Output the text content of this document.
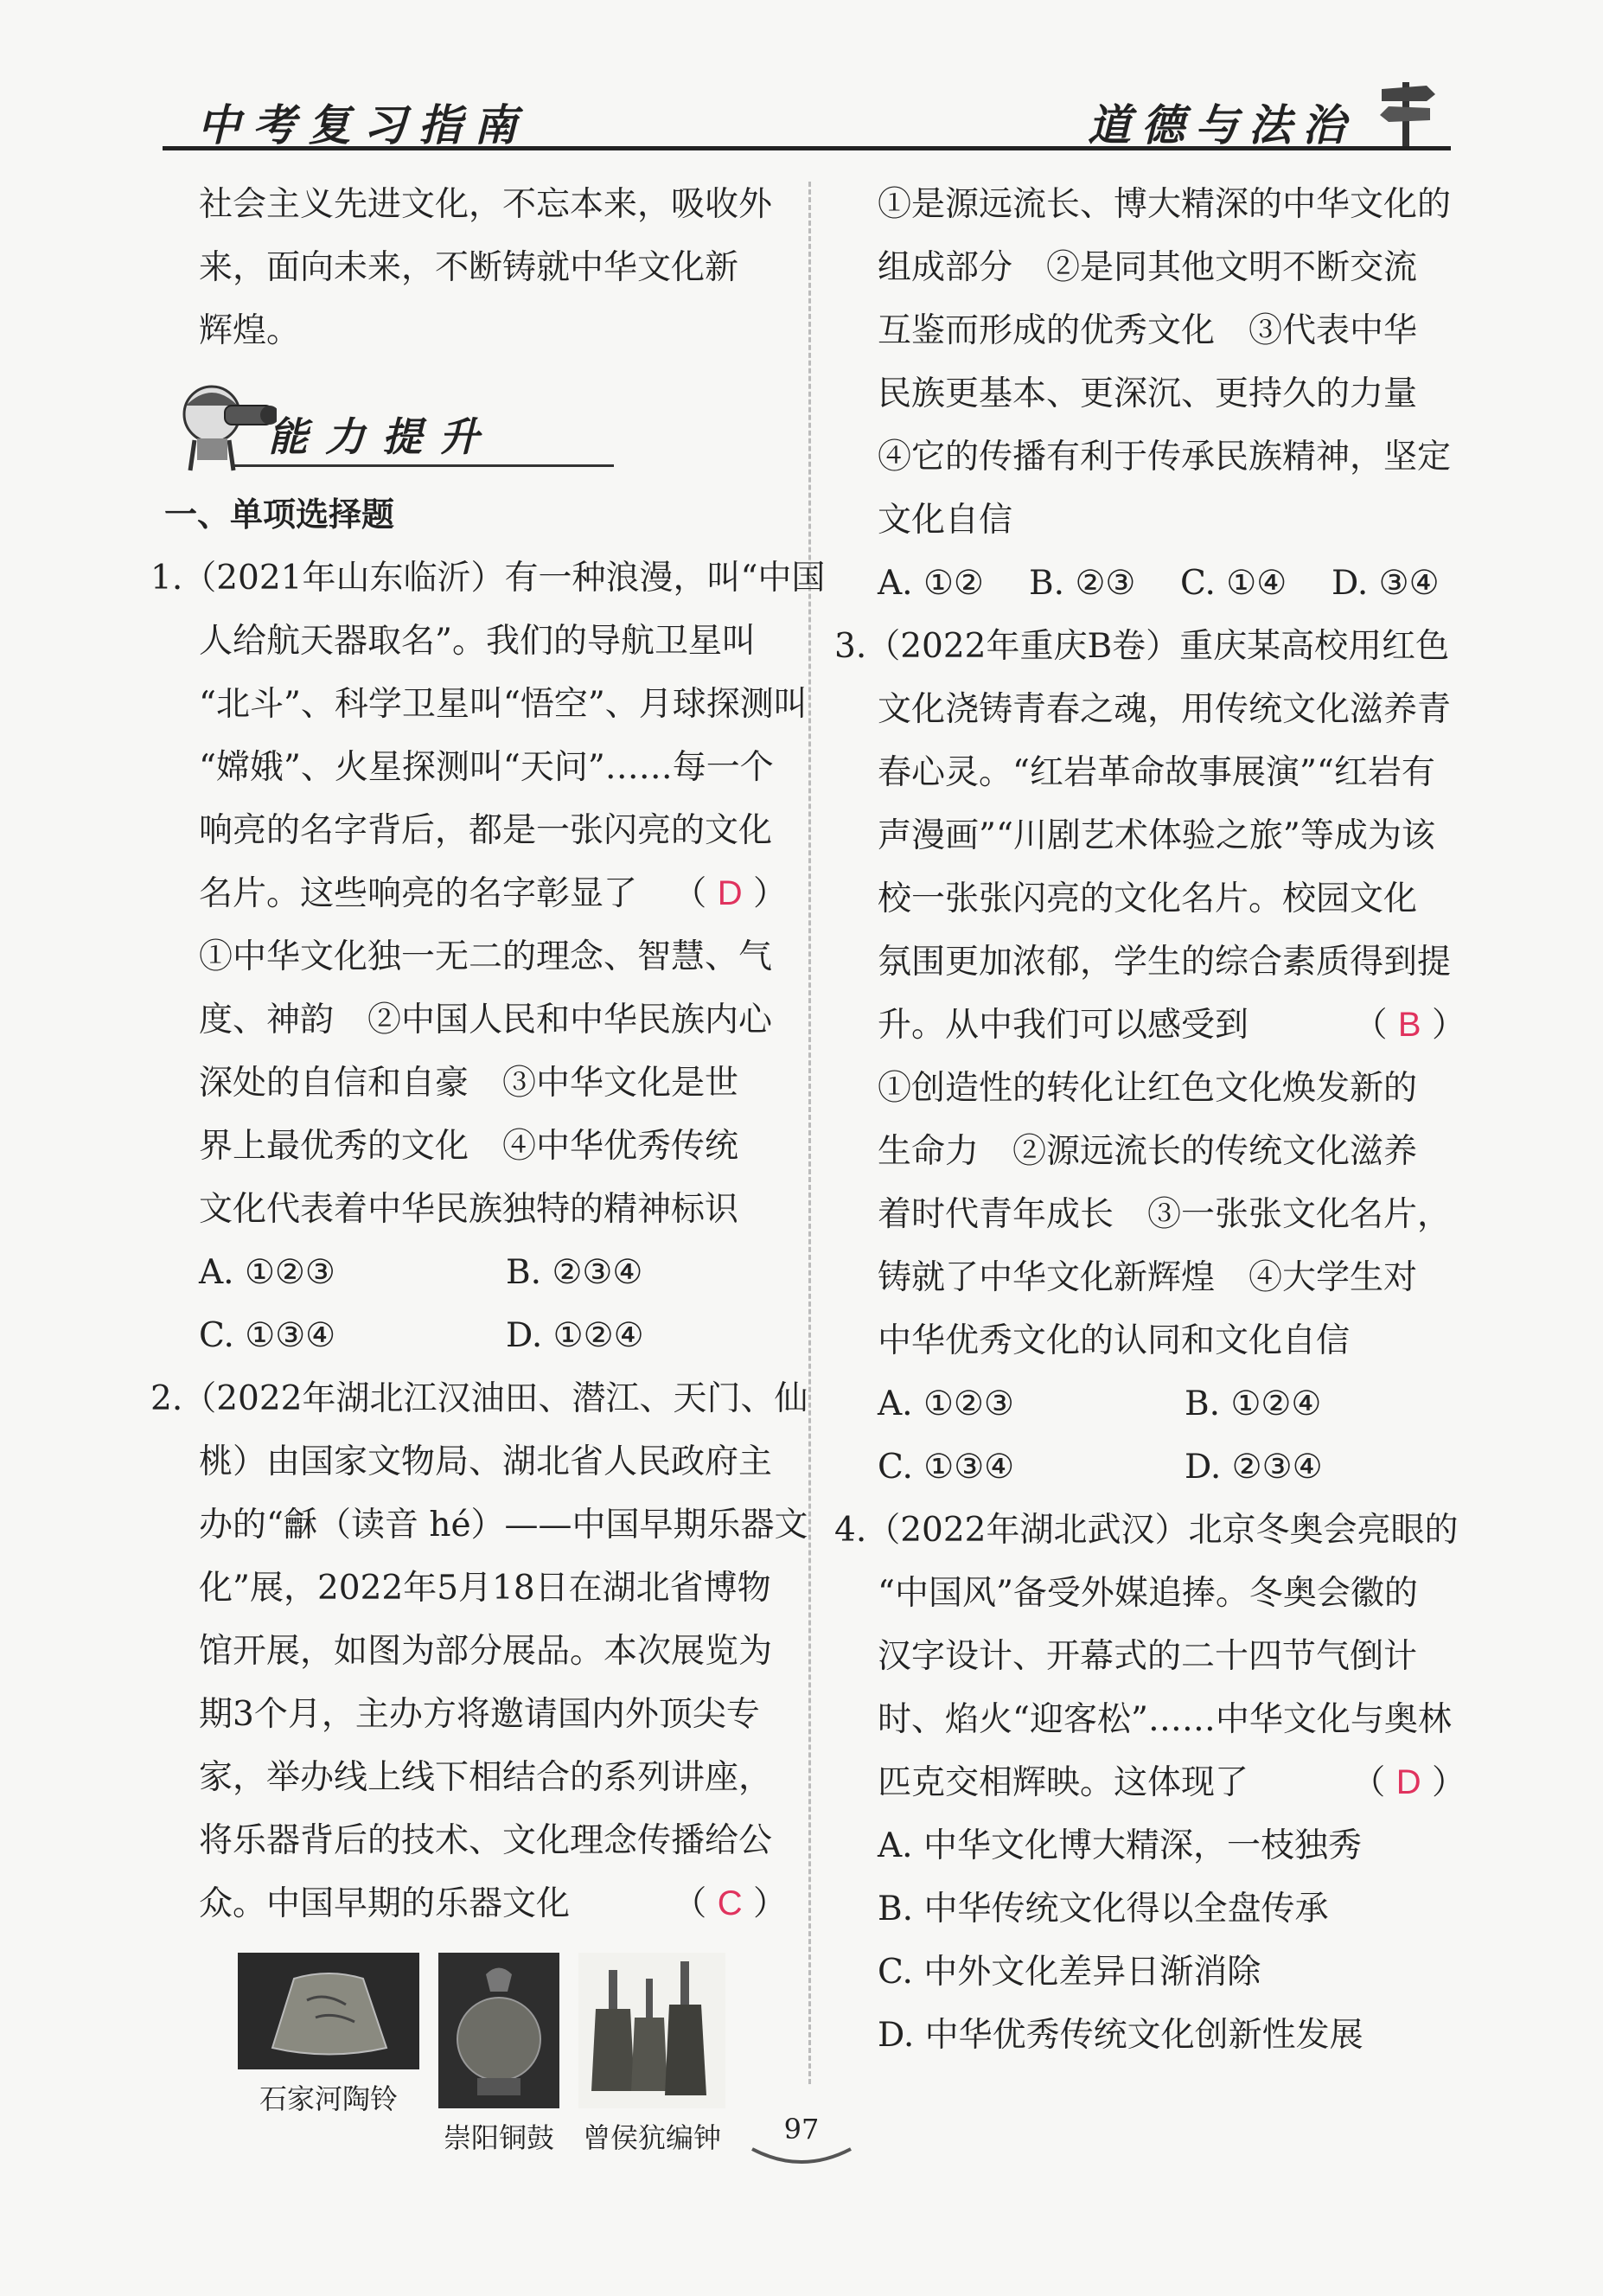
中考复习指南	道德与法治
社会主义先进文化，不忘本来，吸收外
来，面向未来，不断铸就中华文化新
辉煌。
能力提升
一、单项选择题
1.（2021年山东临沂）有一种浪漫，叫“中国
人给航天器取名”。我们的导航卫星叫
“北斗”、科学卫星叫“悟空”、月球探测叫
“嫦娥”、火星探测叫“天问”……每一个
响亮的名字背后，都是一张闪亮的文化
名片。这些响亮的名字彰显了 （ D ）
①中华文化独一无二的理念、智慧、气
度、神韵　②中国人民和中华民族内心
深处的自信和自豪　③中华文化是世
界上最优秀的文化　④中华优秀传统
文化代表着中华民族独特的精神标识
A. ①②③	B. ②③④
C. ①③④	D. ①②④
2.（2022年湖北江汉油田、潜江、天门、仙
桃）由国家文物局、湖北省人民政府主
办的“龢（读音 hé）——中国早期乐器文
化”展，2022年5月18日在湖北省博物
馆开展，如图为部分展品。本次展览为
期3个月，主办方将邀请国内外顶尖专
家，举办线上线下相结合的系列讲座，
将乐器背后的技术、文化理念传播给公
众。中国早期的乐器文化	（ C ）
石家河陶铃
崇阳铜鼓 曾侯犺编钟
①是源远流长、博大精深的中华文化的
组成部分　②是同其他文明不断交流
互鉴而形成的优秀文化　③代表中华
民族更基本、更深沉、更持久的力量
④它的传播有利于传承民族精神，坚定
文化自信
A. ①②	B. ②③	C. ①④	D. ③④
3.（2022年重庆B卷）重庆某高校用红色
文化浇铸青春之魂，用传统文化滋养青
春心灵。“红岩革命故事展演”“红岩有
声漫画”“川剧艺术体验之旅”等成为该
校一张张闪亮的文化名片。校园文化
氛围更加浓郁，学生的综合素质得到提
升。从中我们可以感受到	（ B ）
①创造性的转化让红色文化焕发新的
生命力　②源远流长的传统文化滋养
着时代青年成长　③一张张文化名片，
铸就了中华文化新辉煌　④大学生对
中华优秀文化的认同和文化自信
A. ①②③	B. ①②④
C. ①③④	D. ②③④
4.（2022年湖北武汉）北京冬奥会亮眼的
“中国风”备受外媒追捧。冬奥会徽的
汉字设计、开幕式的二十四节气倒计
时、焰火“迎客松”……中华文化与奥林
匹克交相辉映。这体现了	（ D ）
A. 中华文化博大精深，一枝独秀
B. 中华传统文化得以全盘传承
C. 中外文化差异日渐消除
D. 中华优秀传统文化创新性发展
97
